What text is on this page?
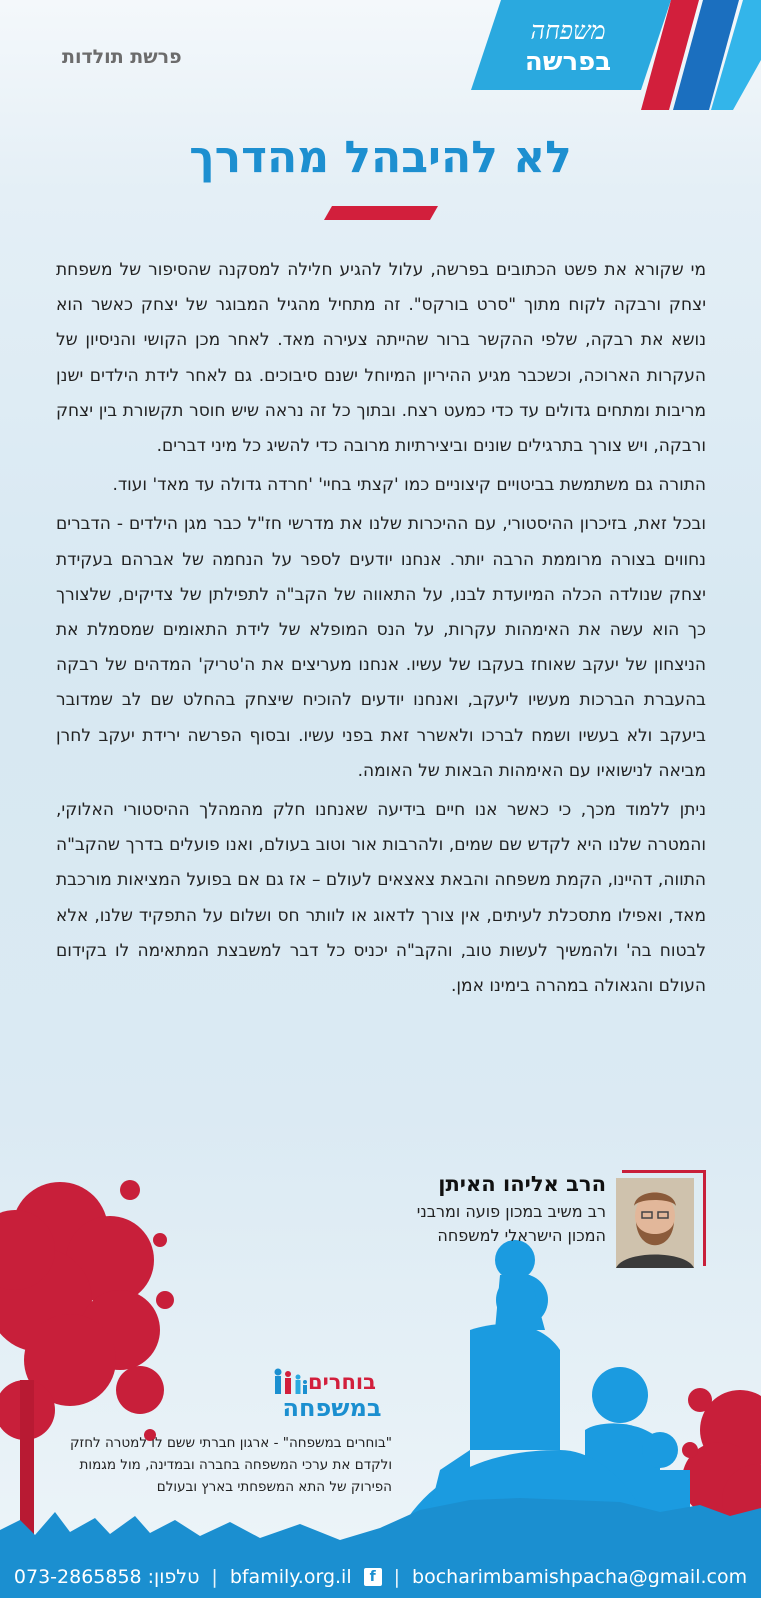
פרשת תולדות
משפחה
בפרשה
לא להיבהל מהדרך

מי שקורא את פשט הכתובים בפרשה, עלול להגיע חלילה למסקנה שהסיפור של משפחת יצחק ורבקה לקוח מתוך "סרט בורקס". זה מתחיל מהגיל המבוגר של יצחק כאשר הוא נושא את רבקה, שלפי ההקשר ברור שהייתה צעירה מאד. לאחר מכן הקושי והניסיון של העקרות הארוכה, וכשכבר מגיע ההיריון המיוחל ישנם סיבוכים. גם לאחר לידת הילדים ישנן מריבות ומתחים גדולים עד כדי כמעט רצח. ובתוך כל זה נראה שיש חוסר תקשורת בין יצחק ורבקה, ויש צורך בתרגילים שונים וביצירתיות מרובה כדי להשיג כל מיני דברים.

התורה גם משתמשת בביטויים קיצוניים כמו 'קצתי בחיי' 'חרדה גדולה עד מאד' ועוד.

ובכל זאת, בזיכרון ההיסטורי, עם ההיכרות שלנו את מדרשי חז"ל כבר מגן הילדים - הדברים נחווים בצורה מרוממת הרבה יותר. אנחנו יודעים לספר על הנחמה של אברהם בעקידת יצחק שנולדה הכלה המיועדת לבנו, על התאווה של הקב"ה לתפילתן של צדיקים, שלצורך כך הוא עשה את האימהות עקרות, על הנס המופלא של לידת התאומים שמסמלת את הניצחון של יעקב שאוחז בעקבו של עשיו. אנחנו מעריצים את ה'טריק' המדהים של רבקה בהעברת הברכות מעשיו ליעקב, ואנחנו יודעים להוכיח שיצחק בהחלט שם לב שמדובר ביעקב ולא בעשיו ושמח לברכו ולאשרר זאת בפני עשיו. ובסוף הפרשה ירידת יעקב לחרן מביאה לנישואיו עם האימהות הבאות של האומה.

ניתן ללמוד מכך, כי כאשר אנו חיים בידיעה שאנחנו חלק מהמהלך ההיסטורי האלוקי, והמטרה שלנו היא לקדש שם שמים, ולהרבות אור וטוב בעולם, ואנו פועלים בדרך שהקב"ה התווה, דהיינו, הקמת משפחה והבאת צאצאים לעולם – אז גם אם בפועל המציאות מורכבת מאד, ואפילו מתסכלת לעיתים, אין צורך לדאוג או לוותר חס ושלום על התפקיד שלנו, אלא לבטוח בה' ולהמשיך לעשות טוב, והקב"ה יכניס כל דבר למשבצת המתאימה לו בקידום העולם והגאולה במהרה בימינו אמן.

הרב אליהו האיתן
רב משיב במכון פועה ומרבני
המכון הישראלי למשפחה
בוחרים
במשפחה
"בוחרים במשפחה" - ארגון חברתי ששם לו למטרה לחזק ולקדם את ערכי המשפחה בחברה ובמדינה, מול מגמות הפירוק של התא המשפחתי בארץ ובעולם
טלפון:
073-2865858	| bfamily.org.il	f | bocharimbamishpacha@gmail.com
